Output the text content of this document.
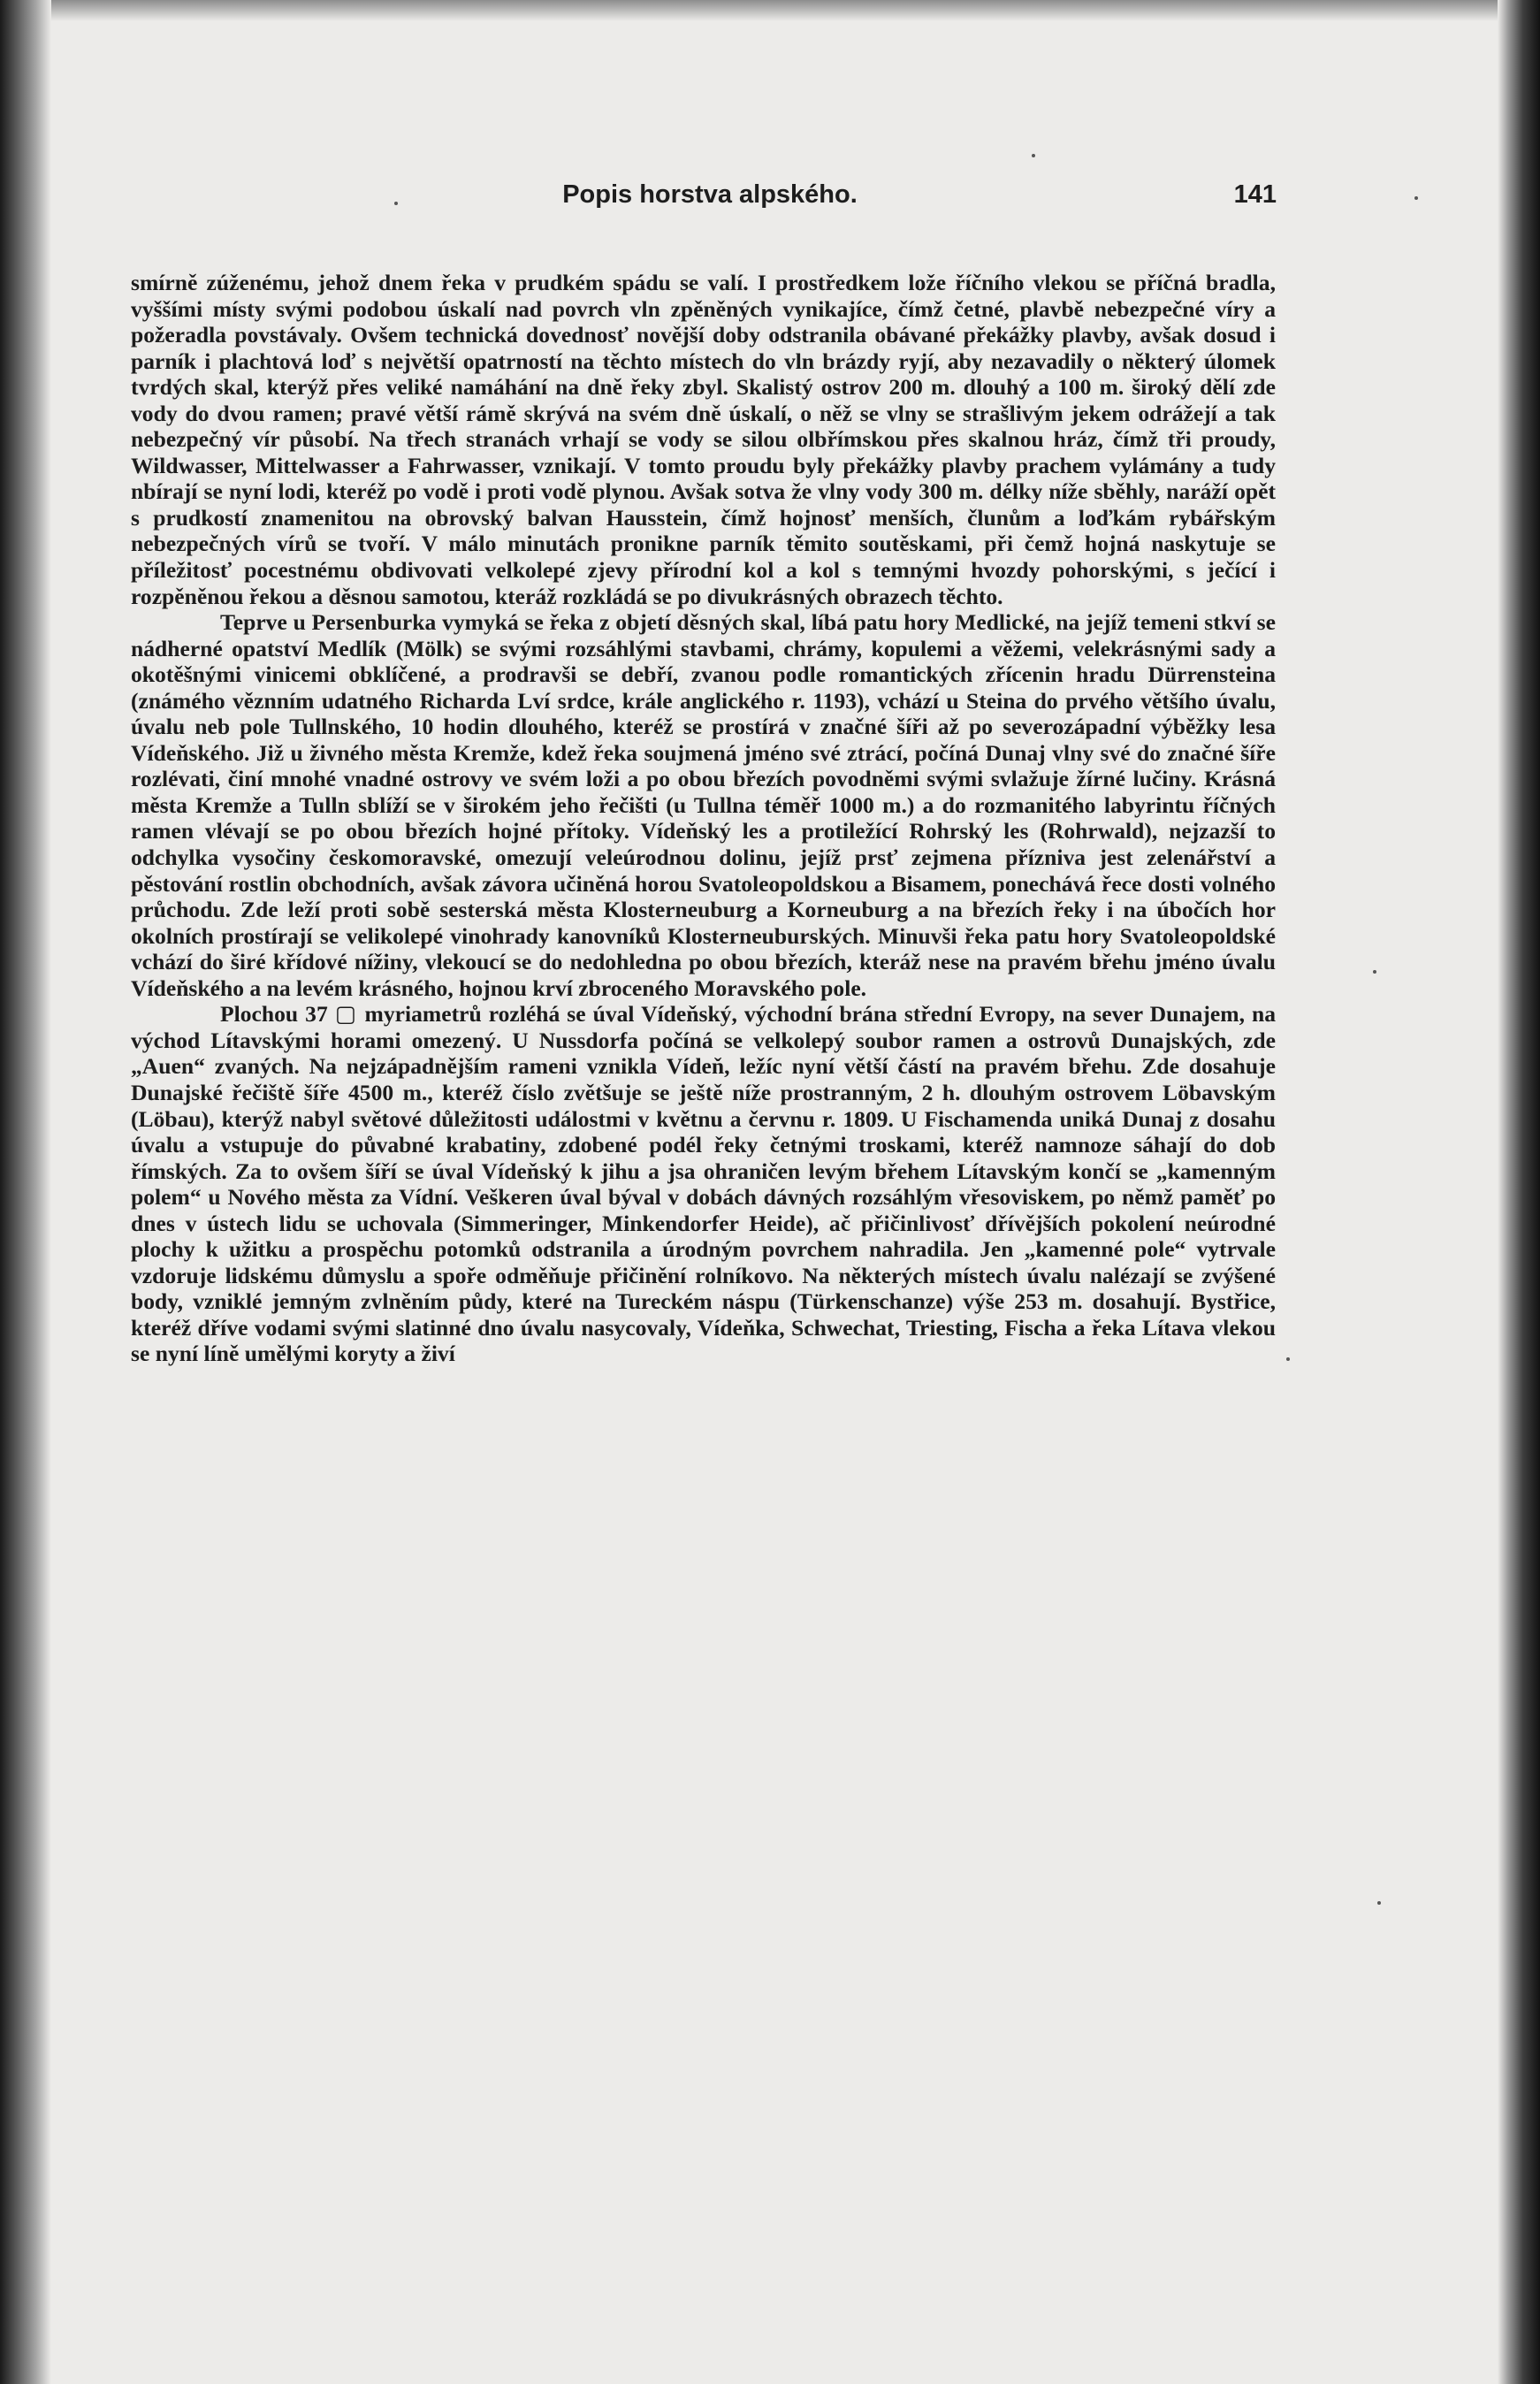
Popis horstva alpského.	141

smírně zúženému, jehož dnem řeka v prudkém spádu se valí. I prostředkem lože říčního vlekou se příčná bradla, vyššími místy svými podobou úskalí nad povrch vln zpěněných vynikajíce, čímž četné, plavbě nebezpečné víry a požeradla povstávaly. Ovšem technická dovednosť novější doby odstranila obávané překážky plavby, avšak dosud i parník i plachtová loď s největší opatrností na těchto místech do vln brázdy ryjí, aby nezavadily o některý úlomek tvrdých skal, kterýž přes veliké namáhání na dně řeky zbyl. Skalistý ostrov 200 m. dlouhý a 100 m. široký dělí zde vody do dvou ramen; pravé větší rámě skrývá na svém dně úskalí, o něž se vlny se strašlivým jekem odrážejí a tak nebezpečný vír působí. Na třech stranách vrhají se vody se silou olbřímskou přes skalnou hráz, čímž tři proudy, Wildwasser, Mittelwasser a Fahrwasser, vznikají. V tomto proudu byly překážky plavby prachem vylámány a tudy nbírají se nyní lodi, kteréž po vodě i proti vodě plynou. Avšak sotva že vlny vody 300 m. délky níže sběhly, naráží opět s prudkostí znamenitou na obrovský balvan Hausstein, čímž hojnosť menších, člunům a loďkám rybářským nebezpečných vírů se tvoří. V málo minutách pronikne parník těmito soutěskami, při čemž hojná naskytuje se příležitosť pocestnému obdivovati velkolepé zjevy přírodní kol a kol s temnými hvozdy pohorskými, s ječící i rozpěněnou řekou a děsnou samotou, kteráž rozkládá se po divukrásných obrazech těchto.

Teprve u Persenburka vymyká se řeka z objetí děsných skal, líbá patu hory Medlické, na jejíž temeni stkví se nádherné opatství Medlík (Mölk) se svými rozsáhlými stavbami, chrámy, kopulemi a věžemi, velekrásnými sady a okotěšnými vinicemi obklíčené, a prodravši se debří, zvanou podle romantických zřícenin hradu Dürrensteina (známého věznním udatného Richarda Lví srdce, krále anglického r. 1193), vchází u Steina do prvého většího úvalu, úvalu neb pole Tullnského, 10 hodin dlouhého, kteréž se prostírá v značné šíři až po severozápadní výběžky lesa Vídeňského. Již u živného města Kremže, kdež řeka soujmená jméno své ztrácí, počíná Dunaj vlny své do značné šíře rozlévati, činí mnohé vnadné ostrovy ve svém loži a po obou březích povodněmi svými svlažuje žírné lučiny. Krásná města Kremže a Tulln sblíží se v širokém jeho řečišti (u Tullna téměř 1000 m.) a do rozmanitého labyrintu říčných ramen vlévají se po obou březích hojné přítoky. Vídeňský les a protiležící Rohrský les (Rohrwald), nejzazší to odchylka vysočiny českomoravské, omezují veleúrodnou dolinu, jejíž prsť zejmena přízniva jest zelenářství a pěstování rostlin obchodních, avšak závora učiněná horou Svatoleopoldskou a Bisamem, ponechává řece dosti volného průchodu. Zde leží proti sobě sesterská města Klosterneuburg a Korneuburg a na březích řeky i na úbočích hor okolních prostírají se velikolepé vinohrady kanovníků Klosterneuburských. Minuvši řeka patu hory Svatoleopoldské vchází do širé křídové nížiny, vlekoucí se do nedohledna po obou březích, kteráž nese na pravém břehu jméno úvalu Vídeňského a na levém krásného, hojnou krví zbroceného Moravského pole.

Plochou 37 ▢ myriametrů rozléhá se úval Vídeňský, východní brána střední Evropy, na sever Dunajem, na východ Lítavskými horami omezený. U Nussdorfa počíná se velkolepý soubor ramen a ostrovů Dunajských, zde „Auen“ zvaných. Na nejzápadnějším rameni vznikla Vídeň, ležíc nyní větší částí na pravém břehu. Zde dosahuje Dunajské řečiště šíře 4500 m., kteréž číslo zvětšuje se ještě níže prostranným, 2 h. dlouhým ostrovem Löbavským (Löbau), kterýž nabyl světové důležitosti událostmi v květnu a červnu r. 1809. U Fischamenda uniká Dunaj z dosahu úvalu a vstupuje do půvabné krabatiny, zdobené podél řeky četnými troskami, kteréž namnoze sáhají do dob římských. Za to ovšem šíří se úval Vídeňský k jihu a jsa ohraničen levým břehem Lítavským končí se „kamenným polem“ u Nového města za Vídní. Veškeren úval býval v dobách dávných rozsáhlým vřesoviskem, po němž paměť po dnes v ústech lidu se uchovala (Simmeringer, Minkendorfer Heide), ač přičinlivosť dřívějších pokolení neúrodné plochy k užitku a prospěchu potomků odstranila a úrodným povrchem nahradila. Jen „kamenné pole“ vytrvale vzdoruje lidskému důmyslu a spoře odměňuje přičinění rolníkovo. Na některých místech úvalu nalézají se zvýšené body, vzniklé jemným zvlněním půdy, které na Tureckém náspu (Türkenschanze) výše 253 m. dosahují. Bystřice, kteréž dříve vodami svými slatinné dno úvalu nasycovaly, Vídeňka, Schwechat, Triesting, Fischa a řeka Lítava vlekou se nyní líně umělými koryty a živí
